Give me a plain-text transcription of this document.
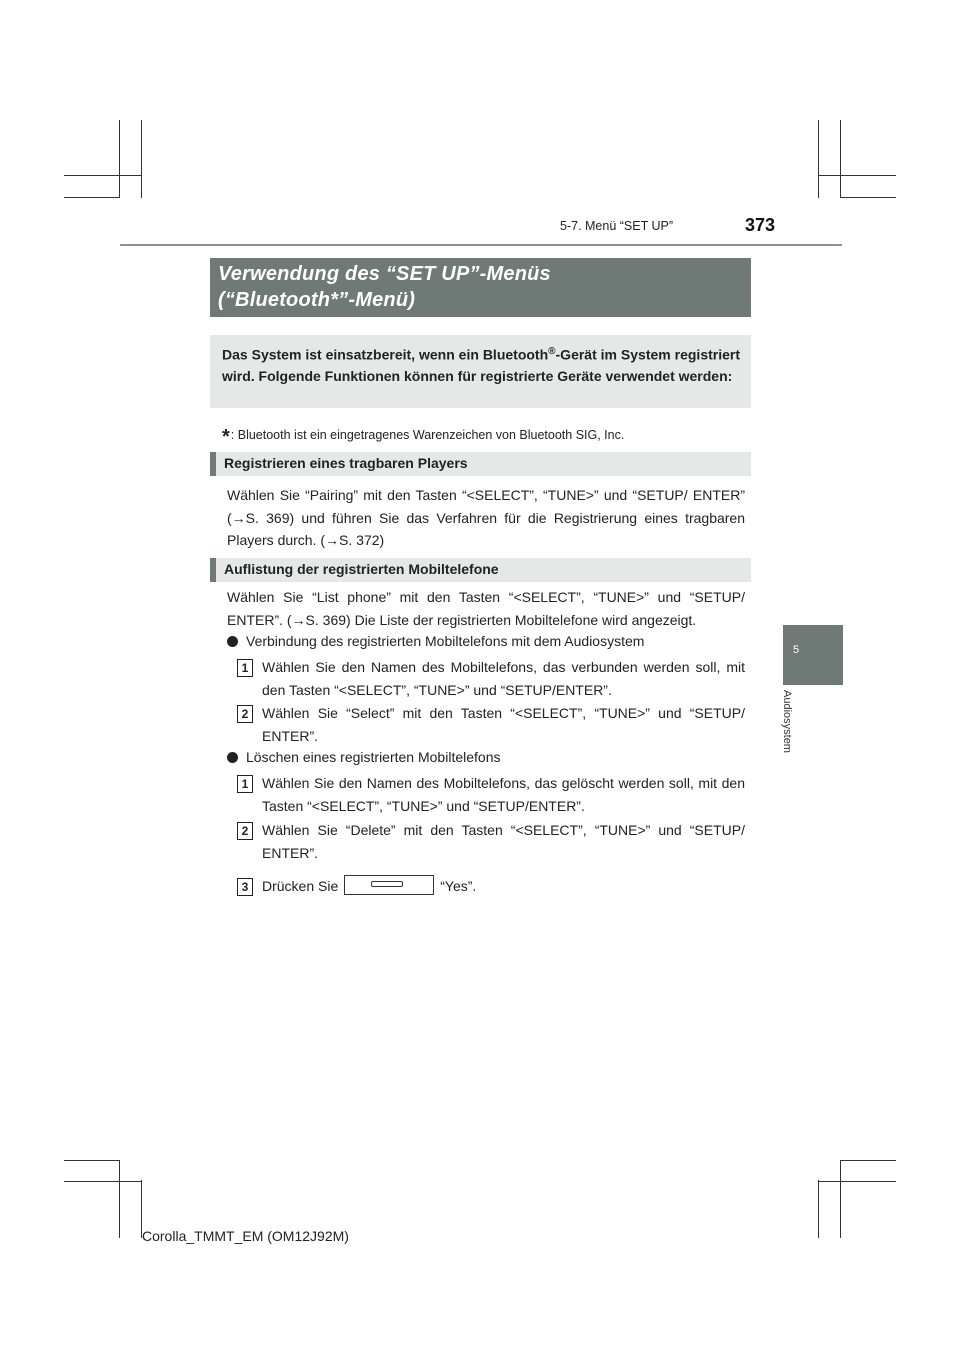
5-7. Menü “SET UP”	373
5
Audiosystem
Verwendung des “SET UP”-Menüs
(“Bluetooth*”-Menü)
Das System ist einsatzbereit, wenn ein Bluetooth®-Gerät im System registriert wird. Folgende Funktionen können für registrierte Geräte verwendet werden:
*: Bluetooth ist ein eingetragenes Warenzeichen von Bluetooth SIG, Inc.
Registrieren eines tragbaren Players
Wählen Sie “Pairing” mit den Tasten “<SELECT”, “TUNE>” und “SETUP/ ENTER” (→S. 369) und führen Sie das Verfahren für die Registrierung eines tragbaren Players durch. (→S. 372)
Auflistung der registrierten Mobiltelefone
Wählen Sie “List phone” mit den Tasten “<SELECT”, “TUNE>” und “SETUP/ ENTER”. (→S. 369) Die Liste der registrierten Mobiltelefone wird angezeigt.
Verbindung des registrierten Mobiltelefons mit dem Audiosystem
1 Wählen Sie den Namen des Mobiltelefons, das verbunden werden soll, mit den Tasten “<SELECT”, “TUNE>” und “SETUP/ENTER”.
2 Wählen Sie “Select” mit den Tasten “<SELECT”, “TUNE>” und “SETUP/ ENTER”.
Löschen eines registrierten Mobiltelefons
1 Wählen Sie den Namen des Mobiltelefons, das gelöscht werden soll, mit den Tasten “<SELECT”, “TUNE>” und “SETUP/ENTER”.
2 Wählen Sie “Delete” mit den Tasten “<SELECT”, “TUNE>” und “SETUP/ ENTER”.
3 Drücken Sie	“Yes”.
Corolla_TMMT_EM (OM12J92M)
